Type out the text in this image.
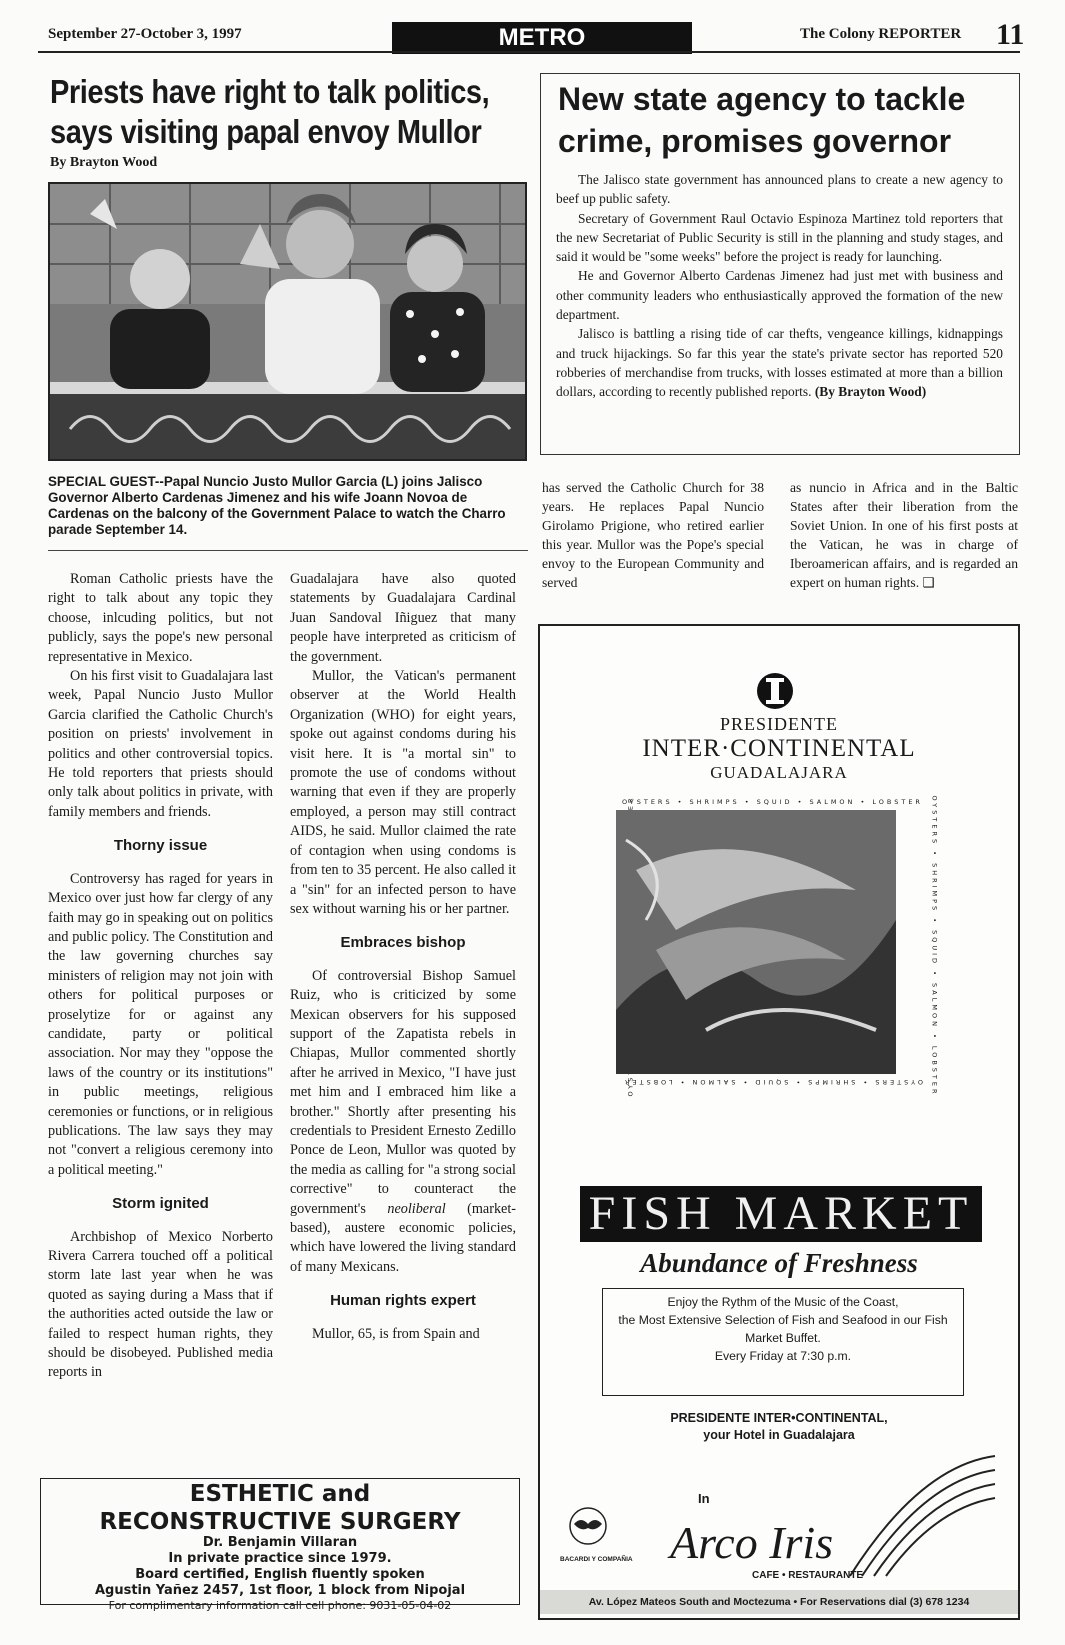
September 27-October 3, 1997	METRO	The Colony REPORTER 11
Priests have right to talk politics, says visiting papal envoy Mullor
By Brayton Wood
SPECIAL GUEST--Papal Nuncio Justo Mullor Garcia (L) joins Jalisco Governor Alberto Cardenas Jimenez and his wife Joann Novoa de Cardenas on the balcony of the Government Palace to watch the Charro parade September 14.

Roman Catholic priests have the right to talk about any topic they choose, inlcuding politics, but not publicly, says the pope's new personal representative in Mexico.

On his first visit to Guadalajara last week, Papal Nuncio Justo Mullor Garcia clarified the Catholic Church's position on priests' involvement in politics and other controversial topics. He told reporters that priests should only talk about politics in private, with family members and friends.

Thorny issue

Controversy has raged for years in Mexico over just how far clergy of any faith may go in speaking out on politics and public policy. The Constitution and the law governing churches say ministers of religion may not join with others for political purposes or proselytize for or against any candidate, party or political association. Nor may they "oppose the laws of the country or its institutions" in public meetings, religious ceremonies or functions, or in religious publications. The law says they may not "convert a religious ceremony into a political meeting."

Storm ignited

Archbishop of Mexico Norberto Rivera Carrera touched off a political storm late last year when he was quoted as saying during a Mass that if the authorities acted outside the law or failed to respect human rights, they should be disobeyed. Published media reports in

Guadalajara have also quoted statements by Guadalajara Cardinal Juan Sandoval Iñiguez that many people have interpreted as criticism of the government.

Mullor, the Vatican's permanent observer at the World Health Organization (WHO) for eight years, spoke out against condoms during his visit here. It is "a mortal sin" to promote the use of condoms without warning that even if they are properly employed, a person may still contract AIDS, he said. Mullor claimed the rate of contagion when using condoms is from ten to 35 percent. He also called it a "sin" for an infected person to have sex without warning his or her partner.

Embraces bishop

Of controversial Bishop Samuel Ruiz, who is criticized by some Mexican observers for his supposed support of the Zapatista rebels in Chiapas, Mullor commented shortly after he arrived in Mexico, "I have just met him and I embraced him like a brother." Shortly after presenting his credentials to President Ernesto Zedillo Ponce de Leon, Mullor was quoted by the media as calling for "a strong social corrective" to counteract the government's neoliberal (market-based), austere economic policies, which have lowered the living standard of many Mexicans.

Human rights expert

Mullor, 65, is from Spain and

has served the Catholic Church for 38 years. He replaces Papal Nuncio Girolamo Prigione, who retired earlier this year. Mullor was the Pope's special envoy to the European Community and served
as nuncio in Africa and in the Baltic States after their liberation from the Soviet Union. In one of his first posts at the Vatican, he was in charge of Iberoamerican affairs, and is regarded an expert on human rights. ❑
New state agency to tackle crime, promises governor

The Jalisco state government has announced plans to create a new agency to beef up public safety.

Secretary of Government Raul Octavio Espinoza Martinez told reporters that the new Secretariat of Public Security is still in the planning and study stages, and said it would be "some weeks" before the project is ready for launching.

He and Governor Alberto Cardenas Jimenez had just met with business and other community leaders who enthusiastically approved the formation of the new department.

Jalisco is battling a rising tide of car thefts, vengeance killings, kidnappings and truck hijackings. So far this year the state's private sector has reported 520 robberies of merchandise from trucks, with losses estimated at more than a billion dollars, according to recently published reports. (By Brayton Wood)

ESTHETIC and
RECONSTRUCTIVE SURGERY
Dr. Benjamin Villaran
In private practice since 1979.
Board certified, English fluently spoken
Agustin Yañez 2457, 1st floor, 1 block from Nipojal
For complimentary information call cell phone: 9031-05-04-02
PRESIDENTE
INTER·CONTINENTAL
GUADALAJARA
OYSTERS • SHRIMPS • SQUID • SALMON • LOBSTER
OYSTERS • SHRIMPS • SQUID • SALMON • LOBSTER OYSTERS • SHRIMPS • SQUID • SALMON • LOBSTER
FISH MARKET
Abundance of Freshness
Enjoy the Rythm of the Music of the Coast,
the Most Extensive Selection of Fish and Seafood in our Fish
Market Buffet.
Every Friday at 7:30 p.m.
PRESIDENTE INTER•CONTINENTAL,
your Hotel in Guadalajara
BACARDI Y COMPAÑIA
In
Arco Iris
CAFE • RESTAURANTE
Av. López Mateos South and Moctezuma • For Reservations dial (3) 678 1234
